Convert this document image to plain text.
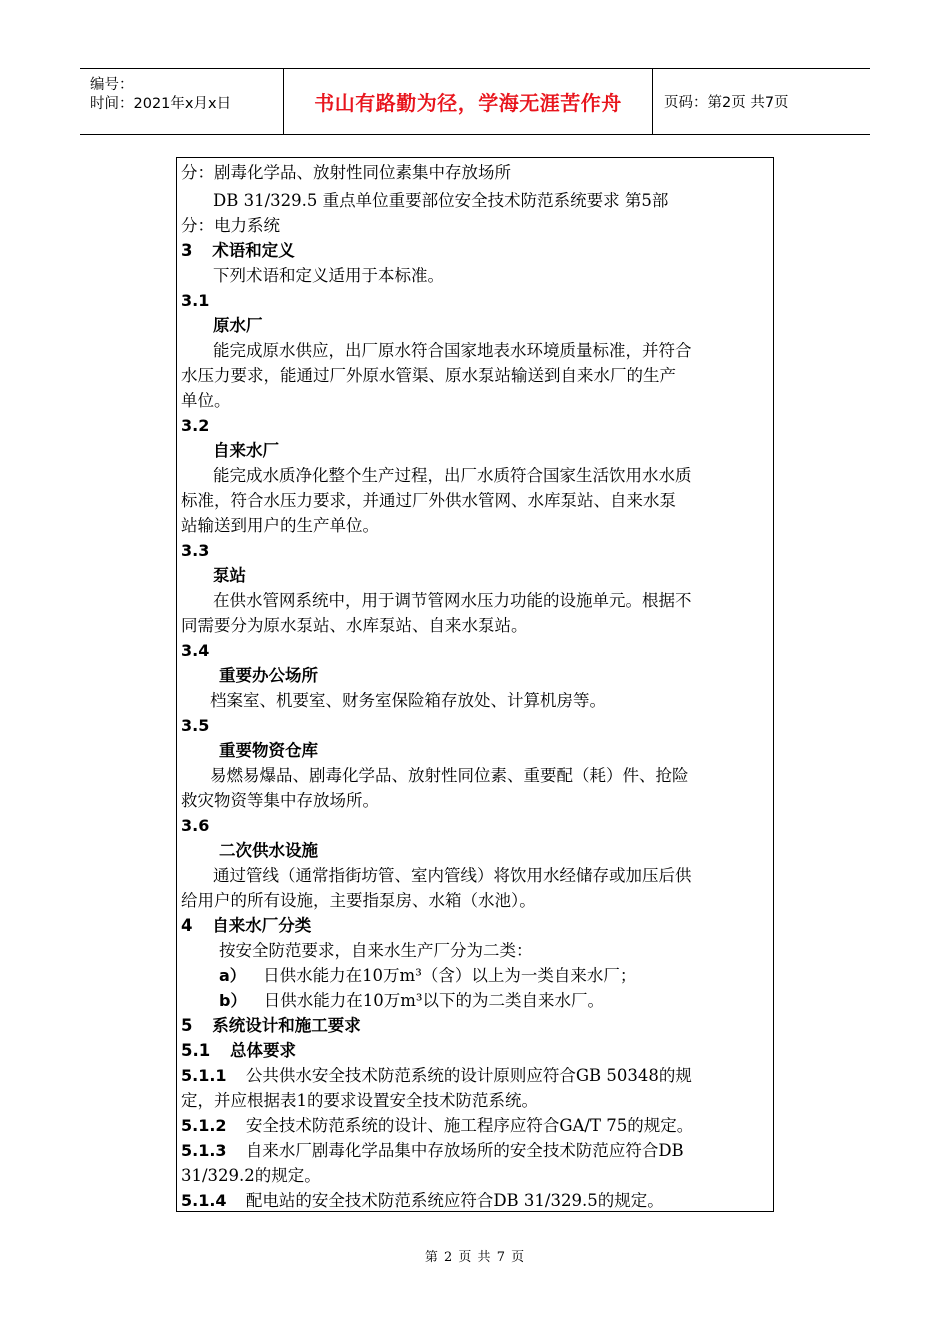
编号：
时间：2021年x月x日	书山有路勤为径，学海无涯苦作舟	页码：第2页 共7页
分：剧毒化学品、放射性同位素集中存放场所
DB 31/329.5 重点单位重要部位安全技术防范系统要求 第5部
分：电力系统
3 术语和定义
下列术语和定义适用于本标准。
3.1
原水厂
能完成原水供应，出厂原水符合国家地表水环境质量标准，并符合
水压力要求，能通过厂外原水管渠、原水泵站输送到自来水厂的生产
单位。
3.2
自来水厂
能完成水质净化整个生产过程，出厂水质符合国家生活饮用水水质
标准，符合水压力要求，并通过厂外供水管网、水库泵站、自来水泵
站输送到用户的生产单位。
3.3
泵站
在供水管网系统中，用于调节管网水压力功能的设施单元。根据不
同需要分为原水泵站、水库泵站、自来水泵站。
3.4
重要办公场所
档案室、机要室、财务室保险箱存放处、计算机房等。
3.5
重要物资仓库
易燃易爆品、剧毒化学品、放射性同位素、重要配（耗）件、抢险
救灾物资等集中存放场所。
3.6
二次供水设施
通过管线（通常指街坊管、室内管线）将饮用水经储存或加压后供
给用户的所有设施，主要指泵房、水箱（水池）。
4 自来水厂分类
按安全防范要求，自来水生产厂分为二类：
a） 日供水能力在10万m³（含）以上为一类自来水厂；
b） 日供水能力在10万m³以下的为二类自来水厂。
5 系统设计和施工要求
5.1 总体要求
5.1.1 公共供水安全技术防范系统的设计原则应符合GB 50348的规
定，并应根据表1的要求设置安全技术防范系统。
5.1.2 安全技术防范系统的设计、施工程序应符合GA/T 75的规定。
5.1.3 自来水厂剧毒化学品集中存放场所的安全技术防范应符合DB
31/329.2的规定。
5.1.4 配电站的安全技术防范系统应符合DB 31/329.5的规定。
第 2 页 共 7 页
